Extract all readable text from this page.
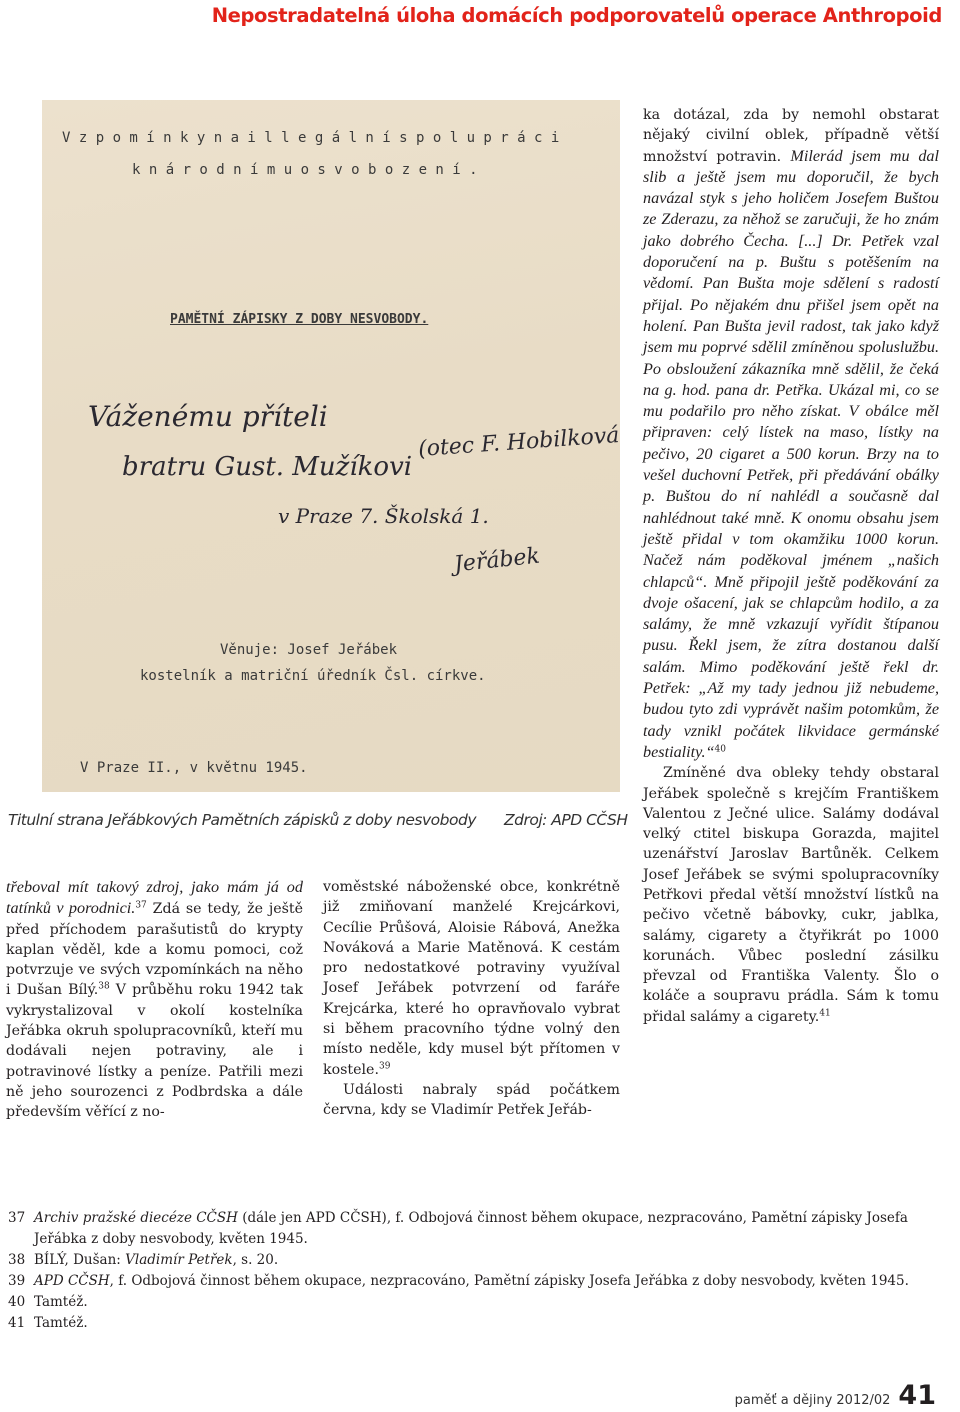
Nepostradatelná úloha domácích podporovatelů operace Anthropoid
V z p o m í n k y n a i l l e g á l n í s p o l u p r á c i
k n á r o d n í m u o s v o b o z e n í .
PAMĚTNÍ ZÁPISKY Z DOBY NESVOBODY.
Váženému příteli
bratru Gust. Mužíkovi
(otec F. Hobilková
v Praze 7. Školská 1.
Jeřábek
Věnuje: Josef Jeřábek
kostelník a matriční úředník Čsl. církve.
V Praze II., v květnu 1945.
Titulní strana Jeřábkových Pamětních zápisků z doby nesvobody Zdroj: APD CČSH

třeboval mít takový zdroj, jako mám já od tatínků v porodnici.$^{37}$ Zdá se tedy, že ještě před příchodem parašutistů do krypty kaplan věděl, kde a komu pomoci, což potvrzuje ve svých vzpomínkách na něho i Dušan Bílý.$^{38}$ V průběhu roku 1942 tak vykrystalizoval v okolí kostelníka Jeřábka okruh spolupracovníků, kteří mu dodávali nejen potraviny, ale i potravinové lístky a peníze. Patřili mezi ně jeho sourozenci z Podbrdska a dále především věřící z no-

voměstské náboženské obce, konkrétně již zmiňovaní manželé Krejcárkovi, Cecílie Průšová, Aloisie Rábová, Anežka Nováková a Marie Matěnová. K cestám pro nedostatkové potraviny využíval Josef Jeřábek potvrzení od faráře Krejcárka, které ho opravňovalo vybrat si během pracovního týdne volný den místo neděle, kdy musel být přítomen v kostele.$^{39}$

Události nabraly spád počátkem června, kdy se Vladimír Petřek Jeřáb-

ka dotázal, zda by nemohl obstarat nějaký civilní oblek, případně větší množství potravin. Milerád jsem mu dal slib a ještě jsem mu doporučil, že bych navázal styk s jeho holičem Josefem Buštou ze Zderazu, za něhož se zaručuji, že ho znám jako dobrého Čecha. [...] Dr. Petřek vzal doporučení na p. Buštu s potěšením na vědomí. Pan Bušta moje sdělení s radostí přijal. Po nějakém dnu přišel jsem opět na holení. Pan Bušta jevil radost, tak jako když jsem mu poprvé sdělil zmíněnou spoluslužbu. Po obsloužení zákazníka mně sdělil, že čeká na g. hod. pana dr. Petřka. Ukázal mi, co se mu podařilo pro něho získat. V obálce měl připraven: celý lístek na maso, lístky na pečivo, 20 cigaret a 500 korun. Brzy na to vešel duchovní Petřek, při předávání obálky p. Buštou do ní nahlédl a současně dal nahlédnout také mně. K onomu obsahu jsem ještě přidal v tom okamžiku 1000 korun. Načež nám poděkoval jménem „našich chlapců“. Mně připojil ještě poděkování za dvoje ošacení, jak se chlapcům hodilo, a za salámy, že mně vzkazují vyřídit štípanou pusu. Řekl jsem, že zítra dostanou další salám. Mimo poděkování ještě řekl dr. Petřek: „Až my tady jednou již nebudeme, budou tyto zdi vyprávět našim potomkům, že tady vznikl počátek likvidace germánské bestiality.“$^{40}$

Zmíněné dva obleky tehdy obstaral Jeřábek společně s krejčím Františkem Valentou z Ječné ulice. Salámy dodával velký ctitel biskupa Gorazda, majitel uzenářství Jaroslav Bartůněk. Celkem Josef Jeřábek se svými spolupracovníky Petřkovi předal větší množství lístků na pečivo včetně bábovky, cukr, jablka, salámy, cigarety a čtyřikrát po 1000 korunách. Vůbec poslední zásilku převzal od Františka Valenty. Šlo o koláče a soupravu prádla. Sám k tomu přidal salámy a cigarety.$^{41}$

37 Archiv pražské diecéze CČSH (dále jen APD CČSH), f. Odbojová činnost během okupace, nezpracováno, Pamětní zápisky Josefa Jeřábka z doby nesvobody, květen 1945.
38 BÍLÝ, Dušan: Vladimír Petřek, s. 20.
39 APD CČSH, f. Odbojová činnost během okupace, nezpracováno, Pamětní zápisky Josefa Jeřábka z doby nesvobody, květen 1945.
40 Tamtéž.
41 Tamtéž.
paměť a dějiny 2012/02 41
